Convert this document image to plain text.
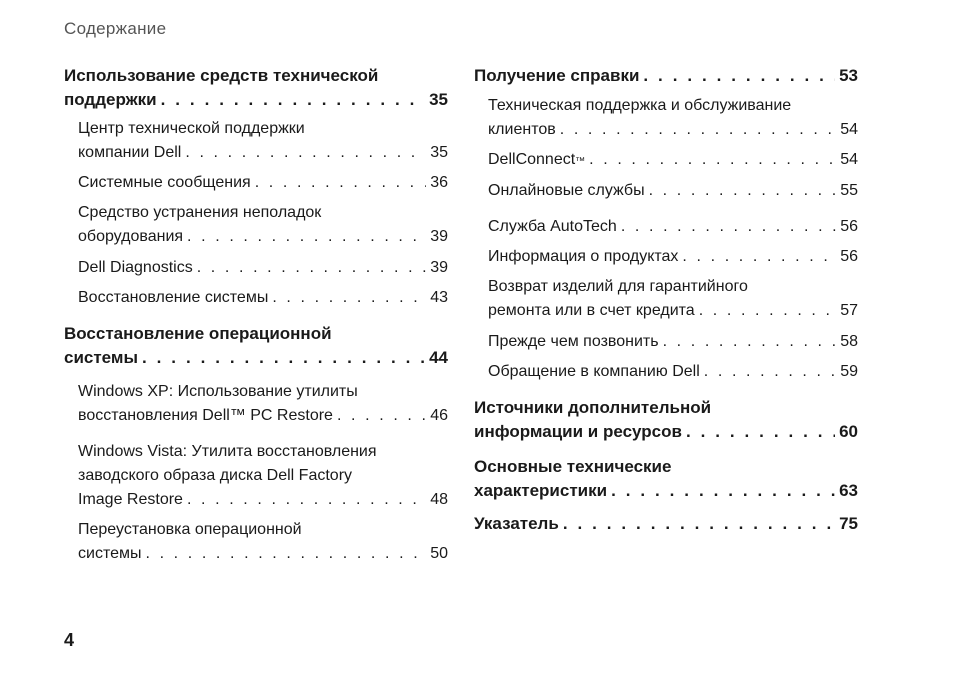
Содержание
Использование средств технической
поддержки . . .	35
Центр технической поддержки
компании Dell . . .	35
Системные сообщения . . .	36
Средство устранения неполадок
оборудования . . .	39
Dell Diagnostics . . .	39
Восстановление системы . . .	43
Восстановление операционной
системы . . .	44
Windows XP: Использование утилиты
восстановления Dell™ PC Restore . . .	46
Windows Vista: Утилита восстановления
заводского образа диска Dell Factory
Image Restore . . .	48
Переустановка операционной
системы . . .	50
Получение справки . . .	53
Техническая поддержка и обслуживание
клиентов . . .	54
DellConnect ™ . . .	54
Онлайновые службы . . .	55
Служба AutoTech . . .	56
Информация о продуктах . . .	56
Возврат изделий для гарантийного
ремонта или в счет кредита . . .	57
Прежде чем позвонить . . .	58
Обращение в компанию Dell . . .	59
Источники дополнительной
информации и ресурсов . . .	60
Основные технические
характеристики . . .	63
Указатель . . .	75
4
